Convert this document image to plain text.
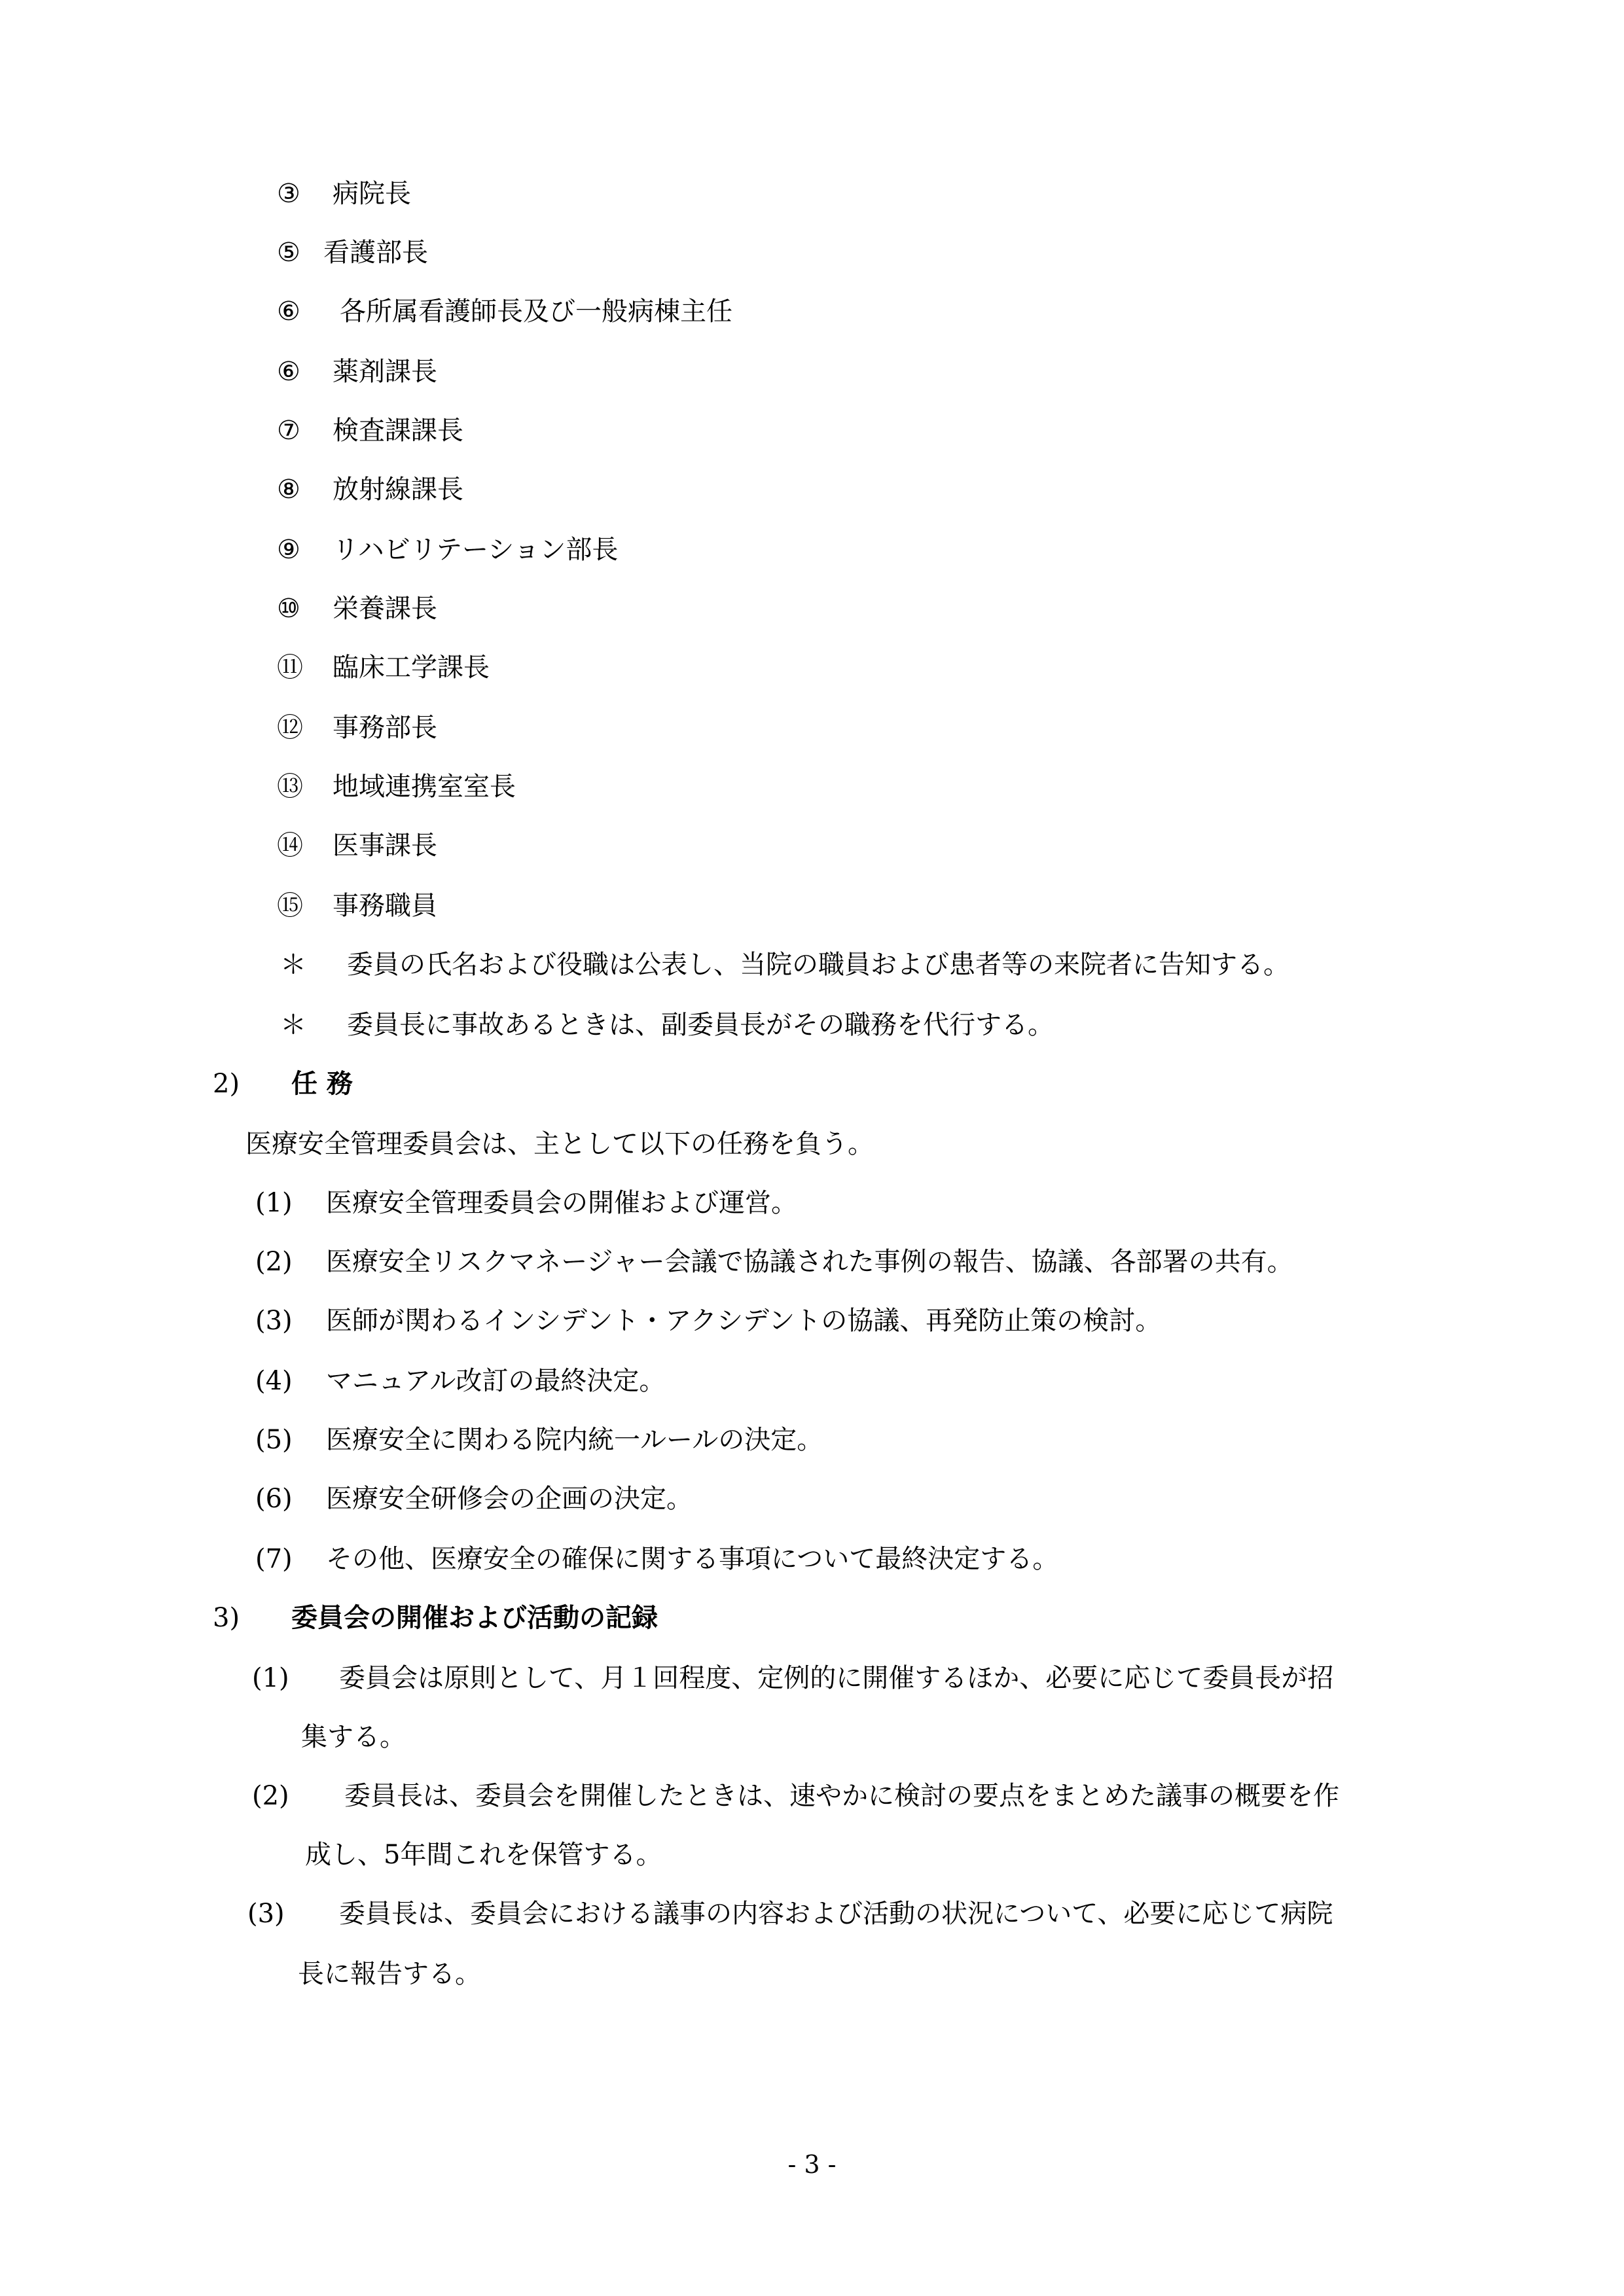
③ 病院長
⑤ 看護部長
⑥ 各所属看護師長及び一般病棟主任
⑥ 薬剤課長
⑦ 検査課課長
⑧ 放射線課長
⑨ リハビリテーション部長
⑩ 栄養課長
⑪ 臨床工学課長
⑫ 事務部長
⑬ 地域連携室室長
⑭ 医事課長
⑮ 事務職員
＊ 委員の氏名および役職は公表し、当院の職員および患者等の来院者に告知する。
＊ 委員長に事故あるときは、副委員長がその職務を代行する。
2) 任 務
医療安全管理委員会は、主として以下の任務を負う。
(1) 医療安全管理委員会の開催および運営。
(2) 医療安全リスクマネージャー会議で協議された事例の報告、協議、各部署の共有。
(3) 医師が関わるインシデント・アクシデントの協議、再発防止策の検討。
(4) マニュアル改訂の最終決定。
(5) 医療安全に関わる院内統一ルールの決定。
(6) 医療安全研修会の企画の決定。
(7) その他、医療安全の確保に関する事項について最終決定する。
3) 委員会の開催および活動の記録
(1) 委員会は原則として、月１回程度、定例的に開催するほか、必要に応じて委員長が招
集する。
(2) 委員長は、委員会を開催したときは、速やかに検討の要点をまとめた議事の概要を作
成し、5年間これを保管する。
(3) 委員長は、委員会における議事の内容および活動の状況について、必要に応じて病院
長に報告する。
- 3 -
